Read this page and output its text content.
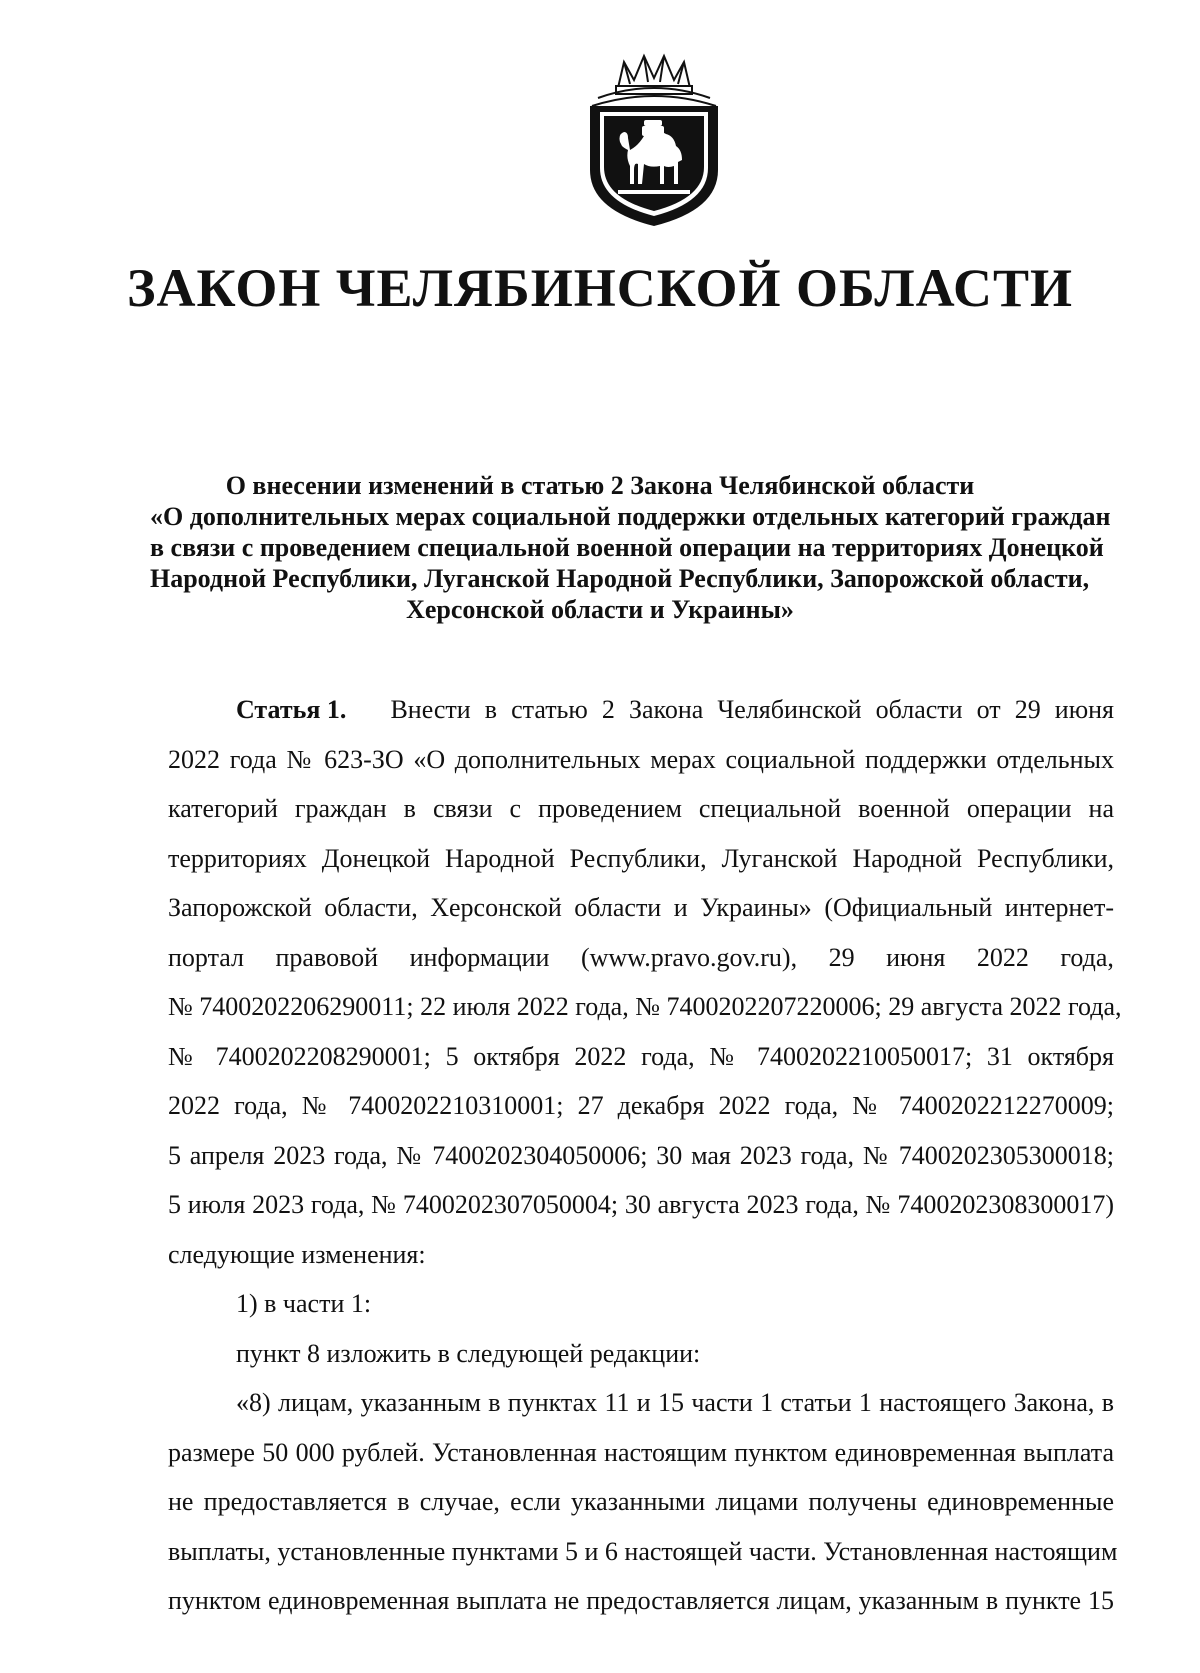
ЗАКОН ЧЕЛЯБИНСКОЙ ОБЛАСТИ
О внесении изменений в статью 2 Закона Челябинской области
«О дополнительных мерах социальной поддержки отдельных категорий граждан
в связи с проведением специальной военной операции на территориях Донецкой
Народной Республики, Луганской Народной Республики, Запорожской области,
Херсонской области и Украины»
Статья 1. Внести в статью 2 Закона Челябинской области от 29 июня
2022 года № 623-ЗО «О дополнительных мерах социальной поддержки отдельных
категорий граждан в связи с проведением специальной военной операции на
территориях Донецкой Народной Республики, Луганской Народной Республики,
Запорожской области, Херсонской области и Украины» (Официальный интернет-
портал правовой информации (www.pravo.gov.ru), 29 июня 2022 года,
№ 7400202206290011; 22 июля 2022 года, № 7400202207220006; 29 августа 2022 года,
№ 7400202208290001; 5 октября 2022 года, № 7400202210050017; 31 октября
2022 года, № 7400202210310001; 27 декабря 2022 года, № 7400202212270009;
5 апреля 2023 года, № 7400202304050006; 30 мая 2023 года, № 7400202305300018;
5 июля 2023 года, № 7400202307050004; 30 августа 2023 года, № 7400202308300017)
следующие изменения:
1) в части 1:
пункт 8 изложить в следующей редакции:
«8) лицам, указанным в пунктах 11 и 15 части 1 статьи 1 настоящего Закона, в
размере 50 000 рублей. Установленная настоящим пунктом единовременная выплата
не предоставляется в случае, если указанными лицами получены единовременные
выплаты, установленные пунктами 5 и 6 настоящей части. Установленная настоящим
пунктом единовременная выплата не предоставляется лицам, указанным в пункте 15
